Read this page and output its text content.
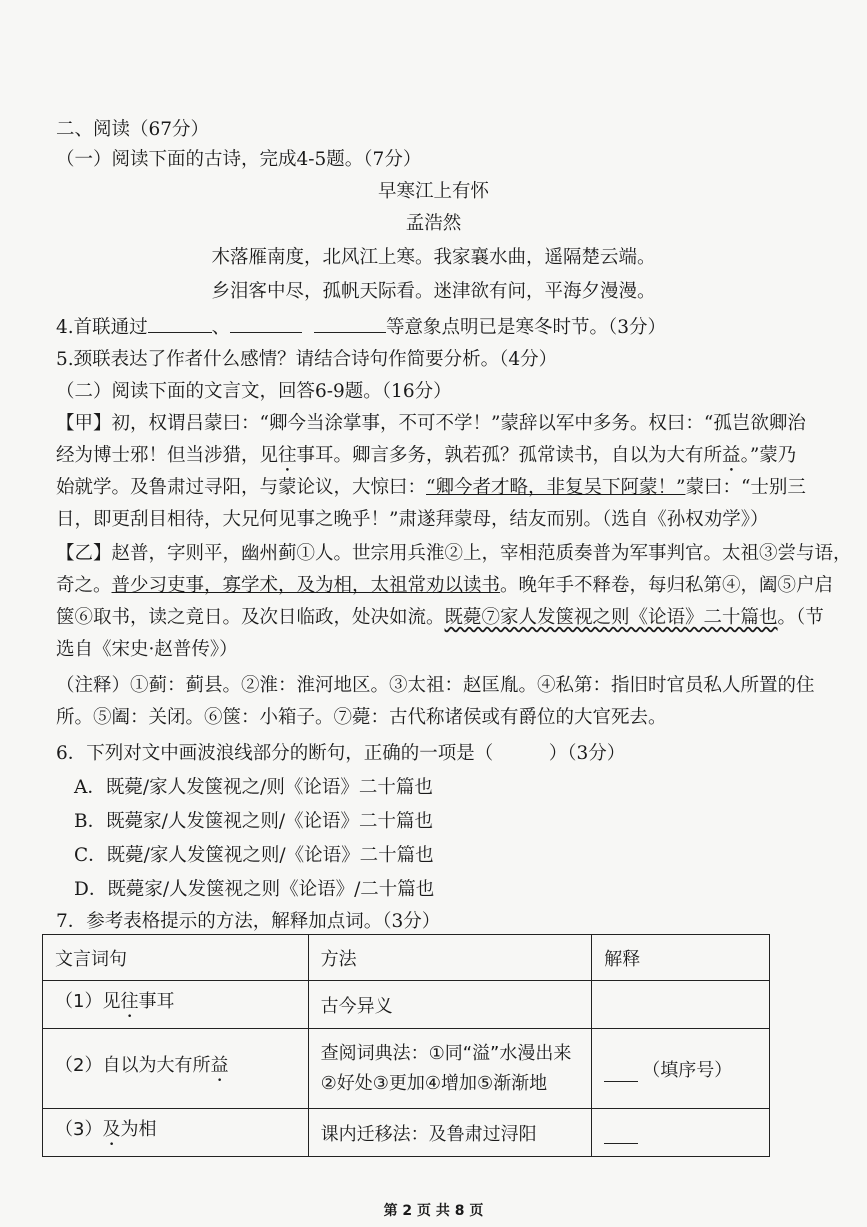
二、阅读（67分）
（一）阅读下面的古诗，完成4-5题。（7分）
早寒江上有怀
孟浩然
木落雁南度，北风江上寒。我家襄水曲，遥隔楚云端。
乡泪客中尽，孤帆天际看。迷津欲有问，平海夕漫漫。
4.首联通过	、	等意象点明已是寒冬时节。（3分）
5.颈联表达了作者什么感情？请结合诗句作简要分析。（4分）
（二）阅读下面的文言文，回答6-9题。（16分）
【甲】初，权谓吕蒙曰：“卿今当涂掌事，不可不学！”蒙辞以军中多务。权曰：“孤岂欲卿治
经为博士邪！但当涉猎，见往事耳。卿言多务，孰若孤？孤常读书，自以为大有所益。”蒙乃
始就学。及鲁肃过寻阳，与蒙论议，大惊曰：“卿今者才略，非复吴下阿蒙！”蒙曰：“士别三
日，即更刮目相待，大兄何见事之晚乎！”肃遂拜蒙母，结友而别。（选自《孙权劝学》）
【乙】赵普，字则平，幽州蓟①人。世宗用兵淮②上，宰相范质奏普为军事判官。太祖③尝与语，
奇之。普少习吏事，寡学术，及为相，太祖常劝以读书。晚年手不释卷，每归私第④，阖⑤户启
箧⑥取书，读之竟日。及次日临政，处决如流。既薨⑦家人发箧视之则《论语》二十篇也。（节
选自《宋史·赵普传》）
（注释）①蓟：蓟县。②淮：淮河地区。③太祖：赵匡胤。④私第：指旧时官员私人所置的住
所。⑤阖：关闭。⑥箧：小箱子。⑦薨：古代称诸侯或有爵位的大官死去。
6．下列对文中画波浪线部分的断句，正确的一项是（　　　）（3分）
A．既薨/家人发箧视之/则《论语》二十篇也
B．既薨家/人发箧视之则/《论语》二十篇也
C．既薨/家人发箧视之则/《论语》二十篇也
D．既薨家/人发箧视之则《论语》/二十篇也
7．参考表格提示的方法，解释加点词。（3分）
文言词句	方法	解释
（1）见往事耳	古今异义	
（2）自以为大有所益	查阅词典法：①同“溢”水漫出来
②好处③更加④增加⑤渐渐地	（填序号）
（3）及为相	课内迁移法：及鲁肃过浔阳	
第 2 页 共 8 页
